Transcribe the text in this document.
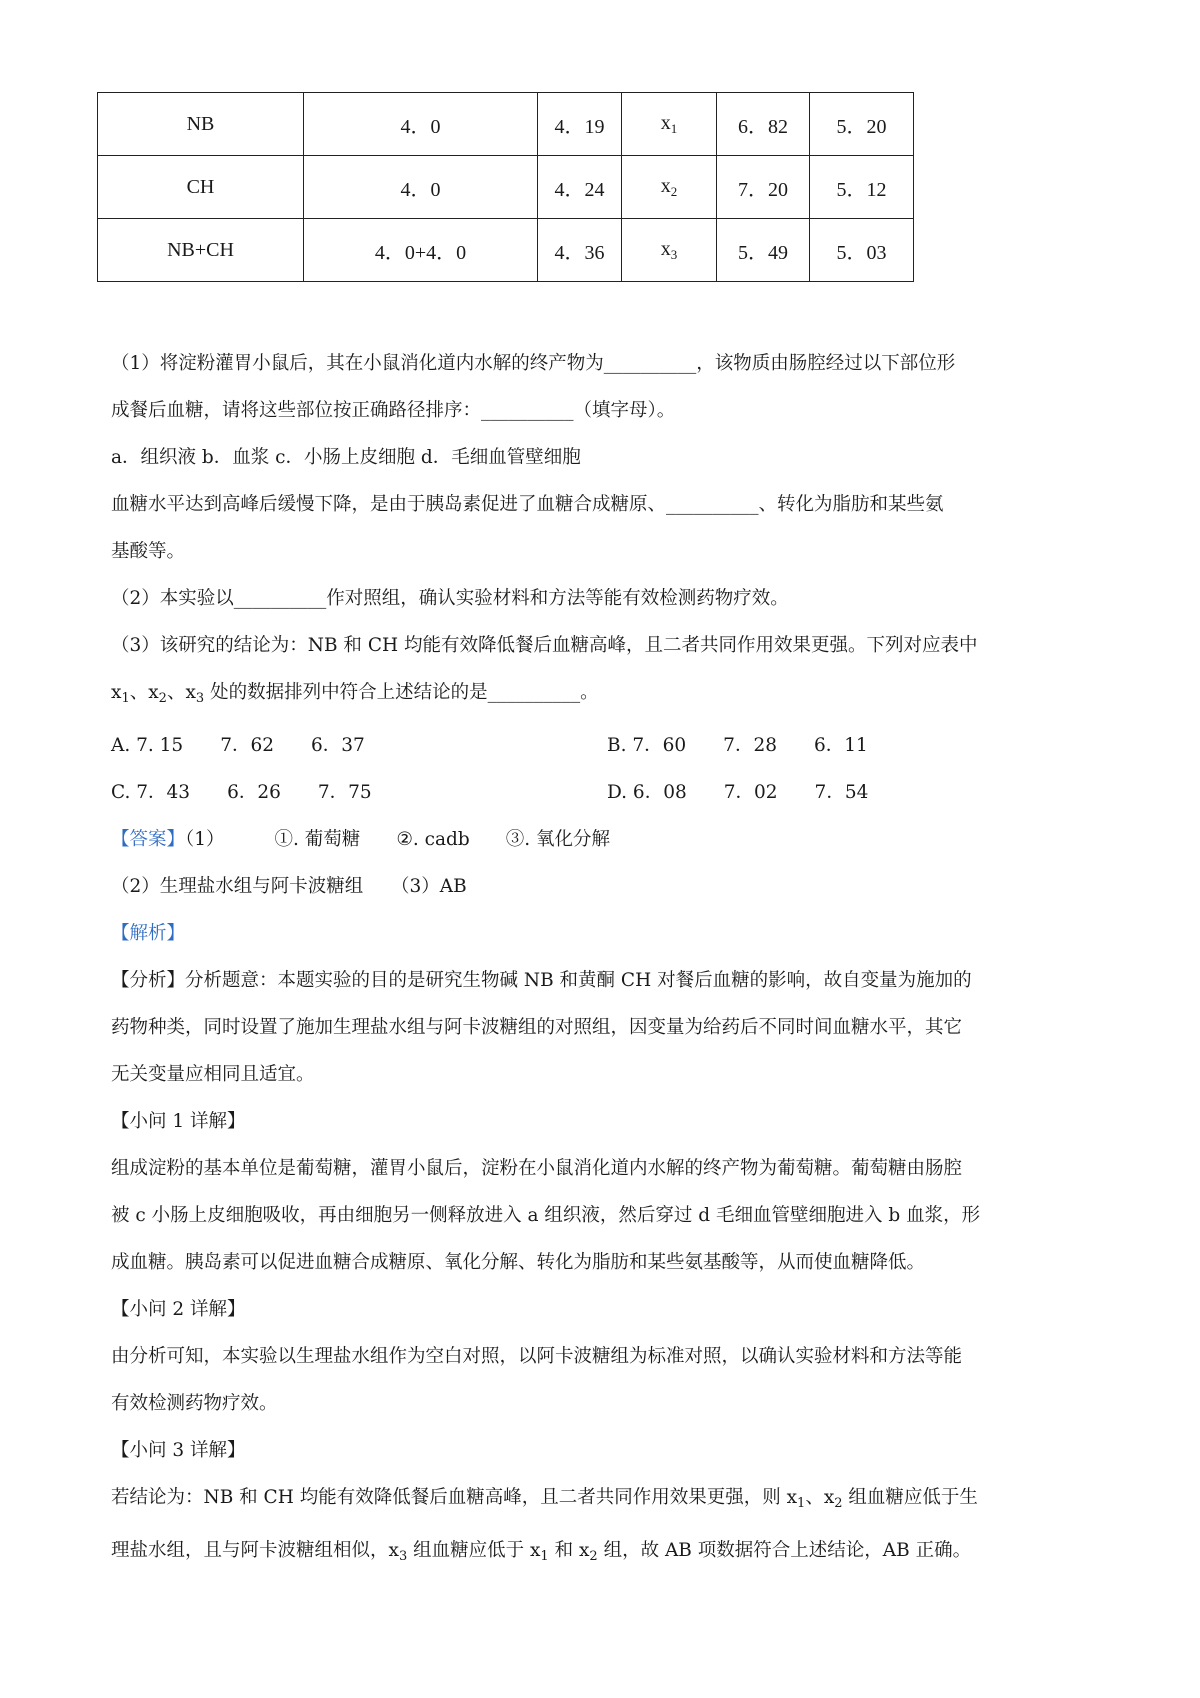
NB	4．0	4．19	$x_1$	6．82	5．20
CH	4．0	4．24	$x_2$	7．20	5．12
NB+CH	4．0+4．0	4．36	$x_3$	5．49	5．03

（1）将淀粉灌胃小鼠后，其在小鼠消化道内水解的终产物为__________，该物质由肠腔经过以下部位形

成餐后血糖，请将这些部位按正确路径排序：__________（填字母）。

a．组织液 b．血浆 c．小肠上皮细胞 d．毛细血管壁细胞

血糖水平达到高峰后缓慢下降，是由于胰岛素促进了血糖合成糖原、__________、转化为脂肪和某些氨

基酸等。

（2）本实验以__________作对照组，确认实验材料和方法等能有效检测药物疗效。

（3）该研究的结论为：NB 和 CH 均能有效降低餐后血糖高峰，且二者共同作用效果更强。下列对应表中

$x_1$、$x_2$、$x_3$ 处的数据排列中符合上述结论的是__________。

A. 7. 15　　7．62　　6．37	B. 7．60　　7．28　　6．11

C. 7．43　　6．26　　7．75	D. 6．08　　7．02　　7．54

【答案】（1）	①. 葡萄糖 ②. cadb ③. 氧化分解

（2）生理盐水组与阿卡波糖组　　（3）AB

【解析】

【分析】分析题意：本题实验的目的是研究生物碱 NB 和黄酮 CH 对餐后血糖的影响，故自变量为施加的

药物种类，同时设置了施加生理盐水组与阿卡波糖组的对照组，因变量为给药后不同时间血糖水平，其它

无关变量应相同且适宜。

【小问 1 详解】

组成淀粉的基本单位是葡萄糖，灌胃小鼠后，淀粉在小鼠消化道内水解的终产物为葡萄糖。葡萄糖由肠腔

被 c 小肠上皮细胞吸收，再由细胞另一侧释放进入 a 组织液，然后穿过 d 毛细血管壁细胞进入 b 血浆，形

成血糖。胰岛素可以促进血糖合成糖原、氧化分解、转化为脂肪和某些氨基酸等，从而使血糖降低。

【小问 2 详解】

由分析可知，本实验以生理盐水组作为空白对照，以阿卡波糖组为标准对照，以确认实验材料和方法等能

有效检测药物疗效。

【小问 3 详解】

若结论为：NB 和 CH 均能有效降低餐后血糖高峰，且二者共同作用效果更强，则 $x_1$、$x_2$ 组血糖应低于生

理盐水组，且与阿卡波糖组相似，$x_3$ 组血糖应低于 $x_1$ 和 $x_2$ 组，故 AB 项数据符合上述结论，AB 正确。
